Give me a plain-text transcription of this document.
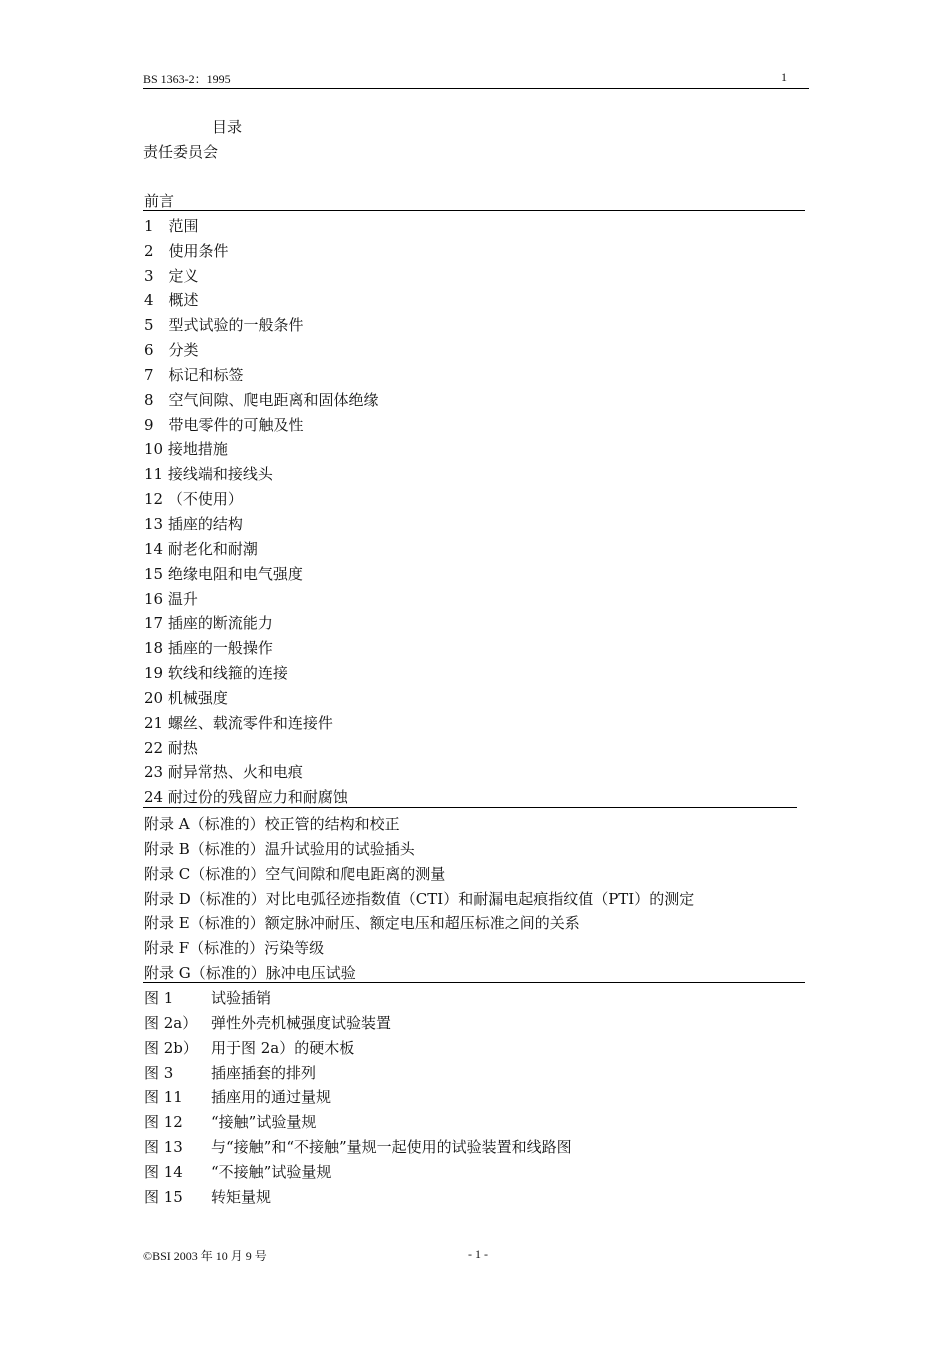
BS 1363-2：1995	1
目录
责任委员会
前言
1　范围
2　使用条件
3　定义
4　概述
5　型式试验的一般条件
6　分类
7　标记和标签
8　空气间隙、爬电距离和固体绝缘
9　带电零件的可触及性
10 接地措施
11 接线端和接线头
12 （不使用）
13 插座的结构
14 耐老化和耐潮
15 绝缘电阻和电气强度
16 温升
17 插座的断流能力
18 插座的一般操作
19 软线和线箍的连接
20 机械强度
21 螺丝、载流零件和连接件
22 耐热
23 耐异常热、火和电痕
24 耐过份的残留应力和耐腐蚀
附录 A（标准的）校正管的结构和校正
附录 B（标准的）温升试验用的试验插头
附录 C（标准的）空气间隙和爬电距离的测量
附录 D（标准的）对比电弧径迹指数值（CTI）和耐漏电起痕指纹值（PTI）的测定
附录 E（标准的）额定脉冲耐压、额定电压和超压标准之间的关系
附录 F（标准的）污染等级
附录 G（标准的）脉冲电压试验
图 1	试验插销
图 2a） 弹性外壳机械强度试验装置
图 2b） 用于图 2a）的硬木板
图 3	插座插套的排列
图 11 插座用的通过量规
图 12 “接触”试验量规
图 13 与“接触”和“不接触”量规一起使用的试验装置和线路图
图 14 “不接触”试验量规
图 15 转矩量规
©BSI 2003 年 10 月 9 号	- 1 -
